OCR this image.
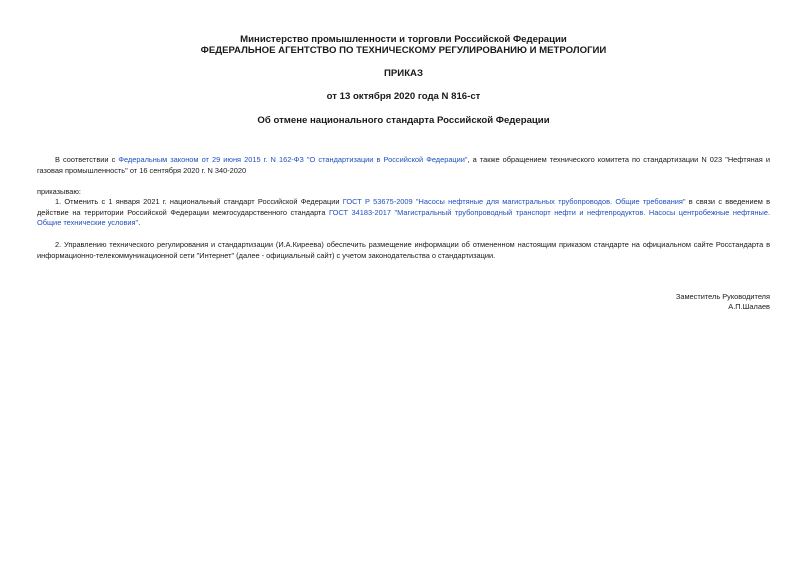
Министерство промышленности и торговли Российской Федерации
ФЕДЕРАЛЬНОЕ АГЕНТСТВО ПО ТЕХНИЧЕСКОМУ РЕГУЛИРОВАНИЮ И МЕТРОЛОГИИ
ПРИКАЗ
от 13 октября 2020 года N 816-ст
Об отмене национального стандарта Российской Федерации
В соответствии с Федеральным законом от 29 июня 2015 г. N 162-ФЗ "О стандартизации в Российской Федерации", а также обращением технического комитета по стандартизации N 023 "Нефтяная и газовая промышленность" от 16 сентября 2020 г. N 340-2020
приказываю:
1. Отменить с 1 января 2021 г. национальный стандарт Российской Федерации ГОСТ Р 53675-2009 "Насосы нефтяные для магистральных трубопроводов. Общие требования" в связи с введением в действие на территории Российской Федерации межгосударственного стандарта ГОСТ 34183-2017 "Магистральный трубопроводный транспорт нефти и нефтепродуктов. Насосы центробежные нефтяные. Общие технические условия".
2. Управлению технического регулирования и стандартизации (И.А.Киреева) обеспечить размещение информации об отмененном настоящим приказом стандарте на официальном сайте Росстандарта в информационно-телекоммуникационной сети "Интернет" (далее - официальный сайт) с учетом законодательства о стандартизации.
Заместитель Руководителя
А.П.Шалаев
